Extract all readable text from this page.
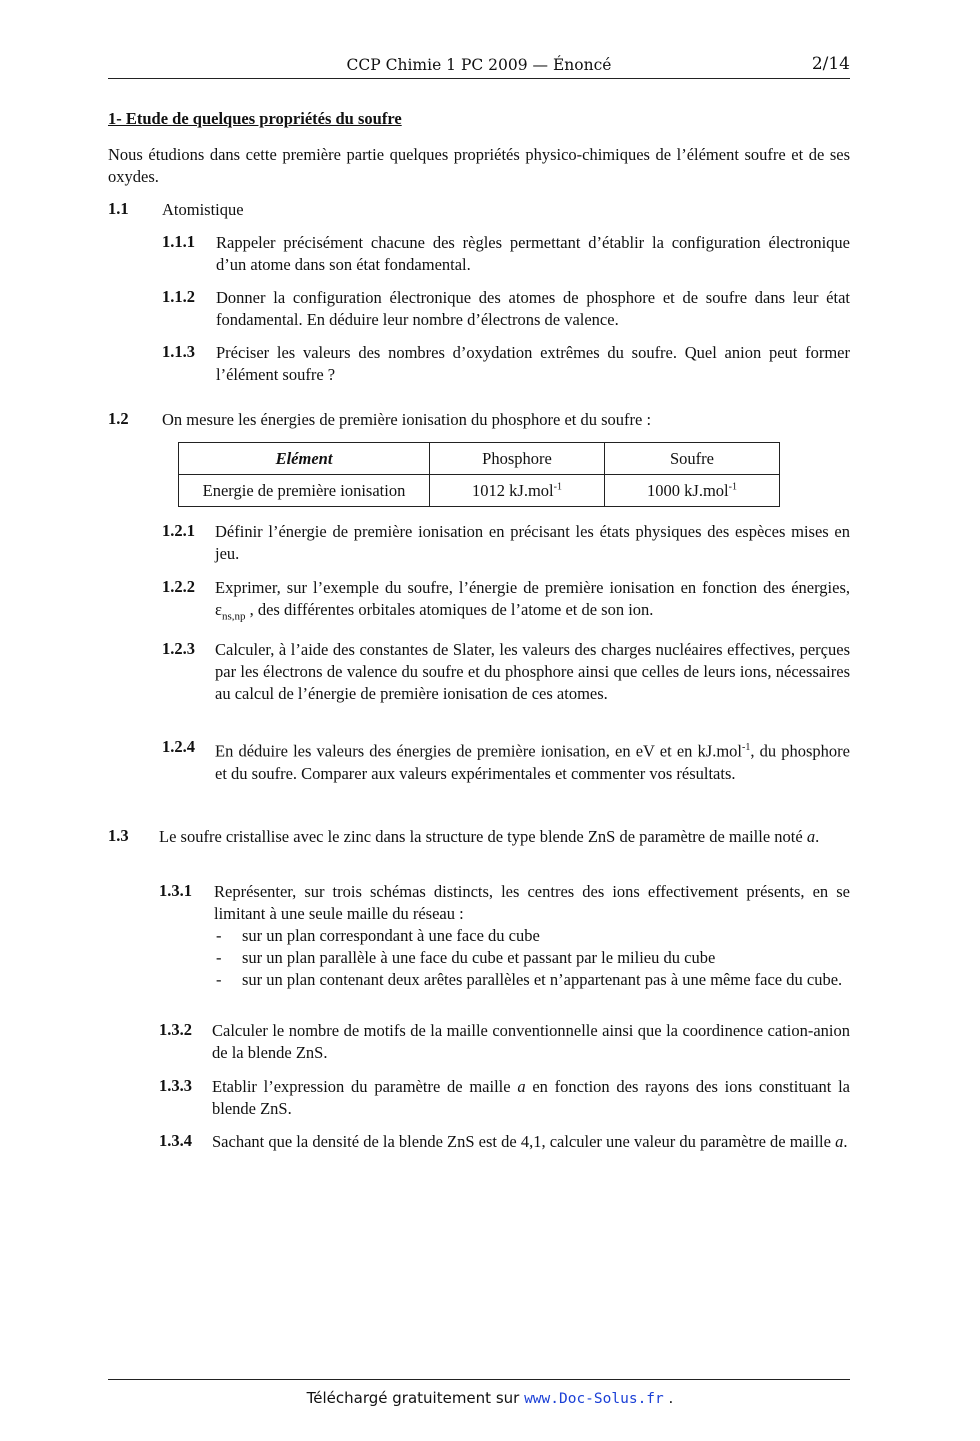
CCP Chimie 1 PC 2009 — Énoncé	2/14
1- Etude de quelques propriétés du soufre
Nous étudions dans cette première partie quelques propriétés physico-chimiques de l’élément soufre et de ses oxydes.
1.1 Atomistique
1.1.1 Rappeler précisément chacune des règles permettant d’établir la configuration électronique d’un atome dans son état fondamental.
1.1.2 Donner la configuration électronique des atomes de phosphore et de soufre dans leur état fondamental. En déduire leur nombre d’électrons de valence.
1.1.3 Préciser les valeurs des nombres d’oxydation extrêmes du soufre. Quel anion peut former l’élément soufre ?
1.2 On mesure les énergies de première ionisation du phosphore et du soufre :
Elément	Phosphore	Soufre
Energie de première ionisation	1012 kJ.mol$^{-1}$	1000 kJ.mol$^{-1}$
1.2.1 Définir l’énergie de première ionisation en précisant les états physiques des espèces mises en jeu.
1.2.2 Exprimer, sur l’exemple du soufre, l’énergie de première ionisation en fonction des énergies, $\varepsilon_{ns,np}$ , des différentes orbitales atomiques de l’atome et de son ion.
1.2.3 Calculer, à l’aide des constantes de Slater, les valeurs des charges nucléaires effectives, perçues par les électrons de valence du soufre et du phosphore ainsi que celles de leurs ions, nécessaires au calcul de l’énergie de première ionisation de ces atomes.
1.2.4 En déduire les valeurs des énergies de première ionisation, en eV et en kJ.mol$^{-1}$, du phosphore et du soufre. Comparer aux valeurs expérimentales et commenter vos résultats.
1.3 Le soufre cristallise avec le zinc dans la structure de type blende ZnS de paramètre de maille noté a.
1.3.1 Représenter, sur trois schémas distincts, les centres des ions effectivement présents, en se limitant à une seule maille du réseau :
- sur un plan correspondant à une face du cube
- sur un plan parallèle à une face du cube et passant par le milieu du cube
- sur un plan contenant deux arêtes parallèles et n’appartenant pas à une même face du cube.
1.3.2 Calculer le nombre de motifs de la maille conventionnelle ainsi que la coordinence cation-anion de la blende ZnS.
1.3.3 Etablir l’expression du paramètre de maille a en fonction des rayons des ions constituant la blende ZnS.
1.3.4 Sachant que la densité de la blende ZnS est de 4,1, calculer une valeur du paramètre de maille a.
Téléchargé gratuitement sur www.Doc-Solus.fr .
